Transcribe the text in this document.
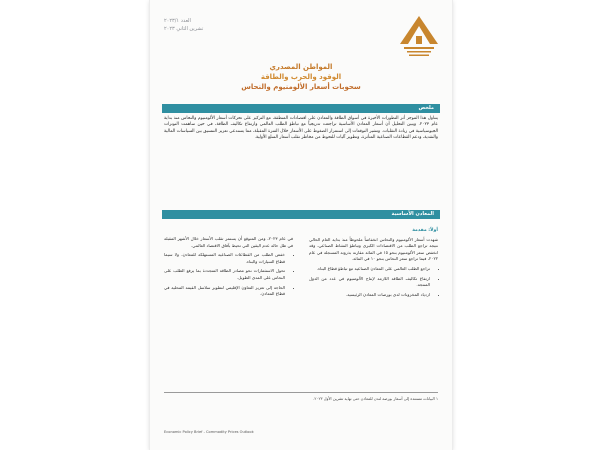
العدد ٢٠٢٣/١
تشرين الثاني ٢٠٢٣
المواطن المصدري
الوقود والحرب والطاقة
سحوبات أسعار الألومنيوم والنحاس
ملخص
يتناول هذا الموجز أثر التطورات الأخيرة في أسواق الطاقة والمعادن على اقتصادات المنطقة، مع التركيز على تحركات أسعار الألومنيوم والنحاس منذ بداية عام ٢٠٢٣. ويبين التحليل أن أسعار المعادن الأساسية تراجعت تدريجياً مع تباطؤ الطلب العالمي وارتفاع تكاليف الطاقة، في حين ساهمت التوترات الجيوسياسية في زيادة التقلبات. وتشير التوقعات إلى استمرار الضغوط على الأسعار خلال الفترة المقبلة، مما يستدعي تعزيز التنسيق بين السياسات المالية والنقدية، ودعم القطاعات الصناعية المتأثرة، وتطوير آليات للتحوط من مخاطر تقلب أسعار السلع الأولية.
المعادن الأساسية
أولاً: مقدمة

شهدت أسعار الألومنيوم والنحاس انخفاضاً ملحوظاً منذ بداية العام الحالي نتيجة تراجع الطلب من الاقتصادات الكبرى وتباطؤ النشاط الصناعي، وقد انخفض سعر الألومنيوم بنحو ١٥ في المائة مقارنة بذروته المسجلة في عام ٢٠٢٢، فيما تراجع سعر النحاس بنحو ١٠ في المائة.

• تراجع الطلب العالمي على المعادن الصناعية مع تباطؤ قطاع البناء.
• ارتفاع تكاليف الطاقة اللازمة لإنتاج الألومنيوم في عدد من الدول المنتجة.
• ازدياد المخزونات لدى بورصات المعادن الرئيسية.

في عام ٢٠٢٣، ومن المتوقع أن يستمر تقلب الأسعار خلال الأشهر المقبلة في ظل حالة عدم اليقين التي تحيط بآفاق الاقتصاد العالمي.

• خفض الطلب من القطاعات الصناعية المستهلكة للمعادن، ولا سيما قطاع السيارات والبناء.
• تحول الاستثمارات نحو مصادر الطاقة المتجددة بما يرفع الطلب على النحاس على المدى الطويل.
• الحاجة إلى تعزيز التعاون الإقليمي لتطوير سلاسل القيمة المحلية في قطاع المعادن.
١ البيانات مستندة إلى أسعار بورصة لندن للمعادن حتى نهاية تشرين الأول ٢٠٢٣.
Economic Policy Brief - Commodity Prices Outlook
